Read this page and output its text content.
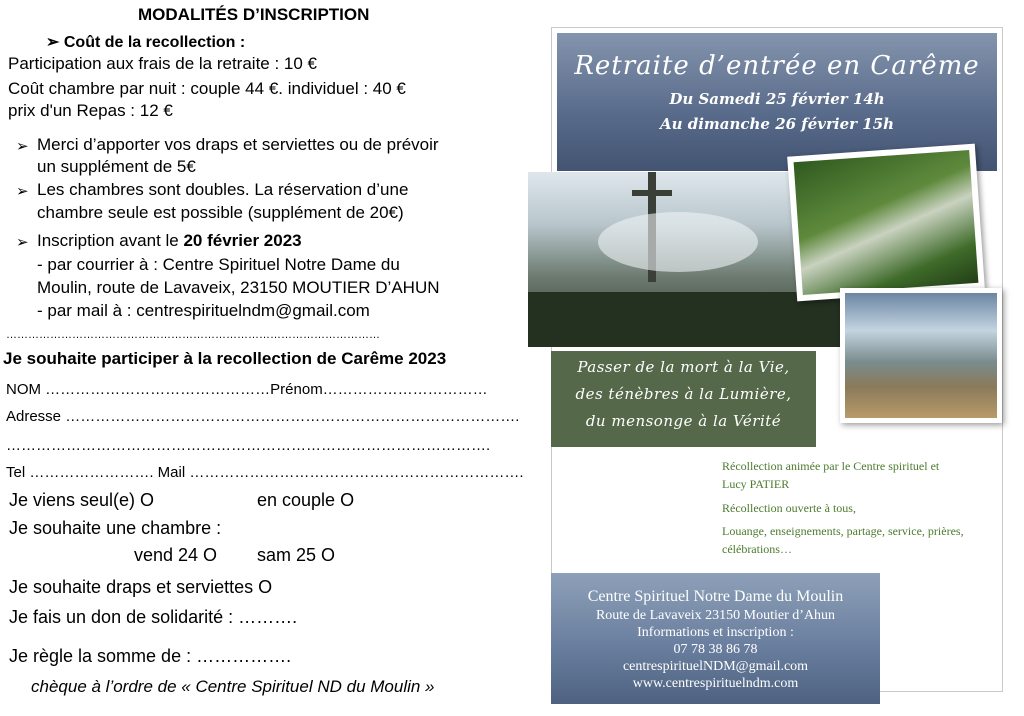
MODALITÉS D’INSCRIPTION
➢ Coût de la recollection :
Participation aux frais de la retraite : 10 €
Coût chambre par nuit : couple 44 €. individuel : 40 €
prix d'un Repas : 12 €
➢ Merci d’apporter vos draps et serviettes ou de prévoir
un supplément de 5€
➢ Les chambres sont doubles. La réservation d’une
chambre seule est possible (supplément de 20€)
➢ Inscription avant le 20 février 2023
- par courrier à : Centre Spirituel Notre Dame du
Moulin, route de Lavaveix, 23150 MOUTIER D’AHUN
- par mail à : centrespirituelndm@gmail.com
…………………………………………………………………………………………
Je souhaite participer à la recollection de Carême 2023
NOM ………………………………………Prénom……………………………
Adresse ……………………………………………………………………………….
…………………………………………………………………………………….
Tel ……………………. Mail ………………………………………………………….
Je viens seul(e) O	en couple O
Je souhaite une chambre :
vend 24 O sam 25 O
Je souhaite draps et serviettes O
Je fais un don de solidarité : ……….
Je règle la somme de : …………….
chèque à l’ordre de « Centre Spirituel ND du Moulin »
Retraite d’entrée en Carême
Du Samedi 25 février 14h
Au dimanche 26 février 15h
Passer de la mort à la Vie,
des ténèbres à la Lumière,
du mensonge à la Vérité
Récollection animée par le Centre spirituel et
Lucy PATIER
Récollection ouverte à tous,
Louange, enseignements, partage, service, prières,
célébrations…
Centre Spirituel Notre Dame du Moulin
Route de Lavaveix 23150 Moutier d’Ahun
Informations et inscription :
07 78 38 86 78
centrespirituelNDM@gmail.com
www.centrespirituelndm.com
